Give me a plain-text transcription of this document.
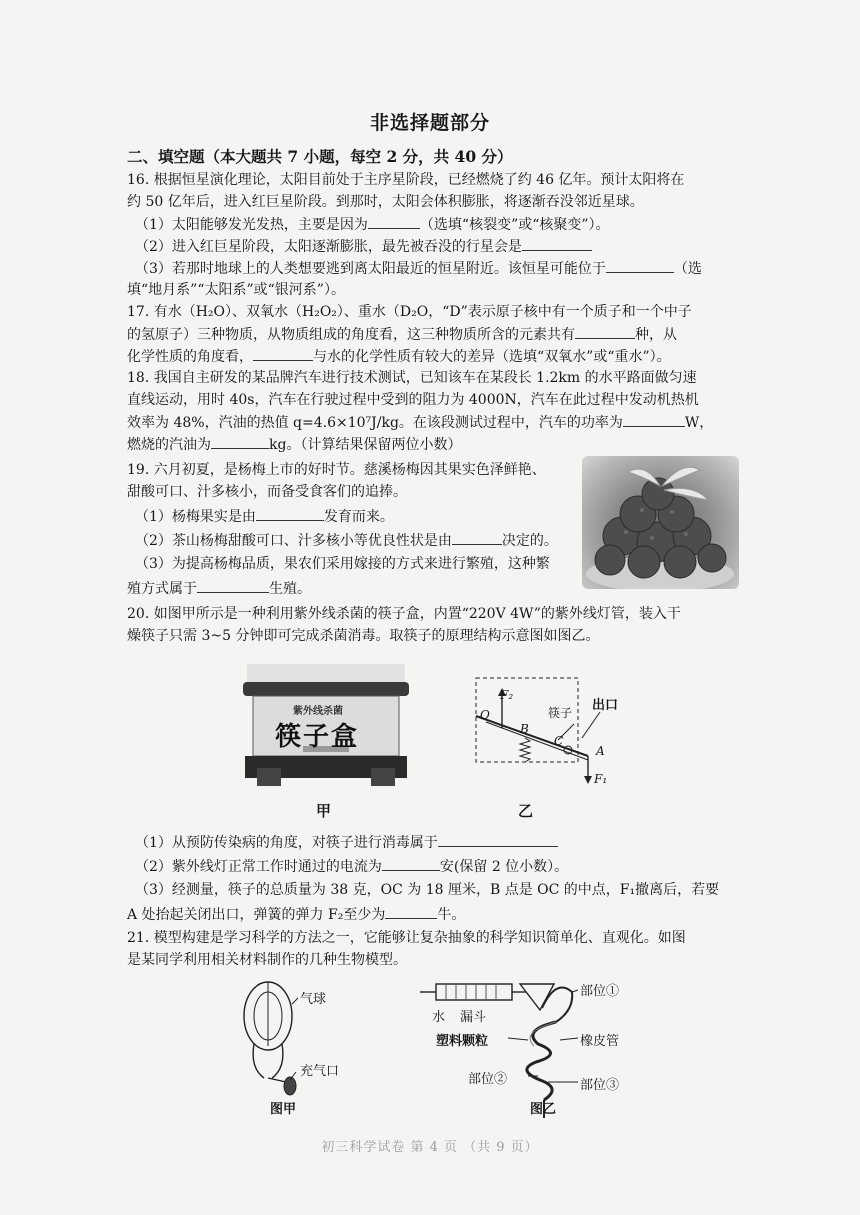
非选择题部分
二、填空题（本大题共 7 小题，每空 2 分，共 40 分）
16. 根据恒星演化理论，太阳目前处于主序星阶段，已经燃烧了约 46 亿年。预计太阳将在
约 50 亿年后，进入红巨星阶段。到那时，太阳会体积膨胀，将逐渐吞没邻近星球。
（1）太阳能够发光发热，主要是因为	（选填“核裂变”或“核聚变”）。
（2）进入红巨星阶段，太阳逐渐膨胀，最先被吞没的行星会是
（3）若那时地球上的人类想要逃到离太阳最近的恒星附近。该恒星可能位于	（选
填“地月系”“太阳系”或“银河系”）。
17. 有水（H₂O）、双氧水（H₂O₂）、重水（D₂O，“D”表示原子核中有一个质子和一个中子
的氢原子）三种物质，从物质组成的角度看，这三种物质所含的元素共有	种，从
化学性质的角度看，	与水的化学性质有较大的差异（选填“双氧水”或“重水”）。
18. 我国自主研发的某品牌汽车进行技术测试，已知该车在某段长 1.2km 的水平路面做匀速
直线运动，用时 40s，汽车在行驶过程中受到的阻力为 4000N，汽车在此过程中发动机热机
效率为 48%，汽油的热值 q=4.6×10⁷J/kg。在该段测试过程中，汽车的功率为	W，
燃烧的汽油为	kg。（计算结果保留两位小数）
19. 六月初夏，是杨梅上市的好时节。慈溪杨梅因其果实色泽鲜艳、
甜酸可口、汁多核小，而备受食客们的追捧。
（1）杨梅果实是由	发育而来。
（2）茶山杨梅甜酸可口、汁多核小等优良性状是由	决定的。
（3）为提高杨梅品质，果农们采用嫁接的方式来进行繁殖，这种繁
殖方式属于	生殖。
20. 如图甲所示是一种利用紫外线杀菌的筷子盒，内置“220V 4W”的紫外线灯管，装入干
燥筷子只需 3~5 分钟即可完成杀菌消毒。取筷子的原理结构示意图如图乙。
紫外线杀菌
筷子盒
甲
F₂
O
B
C
A
F₁
筷子 出口
乙
（1）从预防传染病的角度，对筷子进行消毒属于
（2）紫外线灯正常工作时通过的电流为	安(保留 2 位小数）。
（3）经测量，筷子的总质量为 38 克，OC 为 18 厘米，B 点是 OC 的中点，F₁撤离后，若要
A 处抬起关闭出口，弹簧的弹力 F₂至少为	牛。
21. 模型构建是学习科学的方法之一，它能够让复杂抽象的科学知识简单化、直观化。如图
是某同学利用相关材料制作的几种生物模型。
气球
充气口
图甲
水 漏斗
部位①
塑料颗粒	橡皮管
部位②	部位③
图乙
初三科学试卷 第 4 页 （共 9 页）
